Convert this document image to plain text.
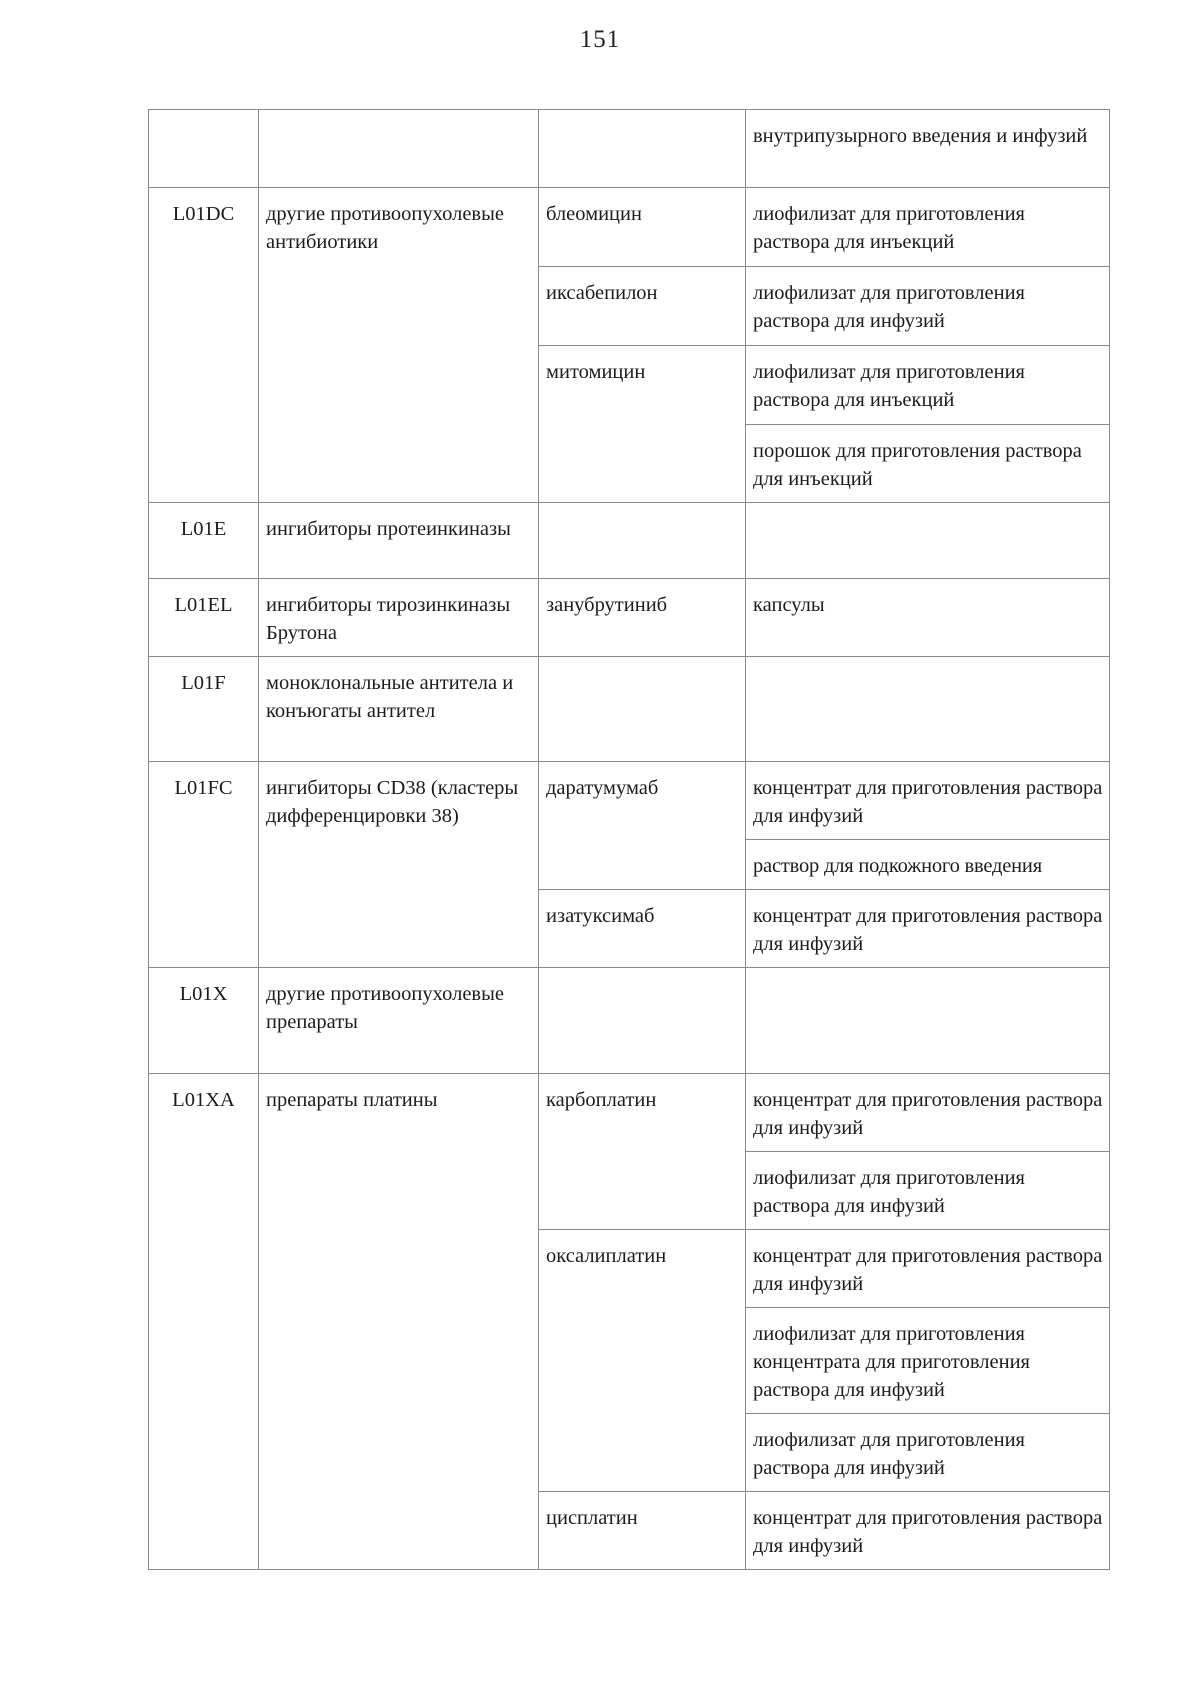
151
			внутрипузырного введения и инфузий
L01DC	другие противоопухолевые антибиотики	блеомицин	лиофилизат для приготовления раствора для инъекций
		иксабепилон	лиофилизат для приготовления раствора для инфузий
		митомицин	лиофилизат для приготовления раствора для инъекций
			порошок для приготовления раствора для инъекций
L01E	ингибиторы протеинкиназы		
L01EL	ингибиторы тирозинкиназы Брутона	занубрутиниб	капсулы
L01F	моноклональные антитела и конъюгаты антител		
L01FC	ингибиторы CD38 (кластеры дифференцировки 38)	даратумумаб	концентрат для приготовления раствора для инфузий
			раствор для подкожного введения
		изатуксимаб	концентрат для приготовления раствора для инфузий
L01X	другие противоопухолевые препараты		
L01XA	препараты платины	карбоплатин	концентрат для приготовления раствора для инфузий
			лиофилизат для приготовления раствора для инфузий
		оксалиплатин	концентрат для приготовления раствора для инфузий
			лиофилизат для приготовления концентрата для приготовления раствора для инфузий
			лиофилизат для приготовления раствора для инфузий
		цисплатин	концентрат для приготовления раствора для инфузий
